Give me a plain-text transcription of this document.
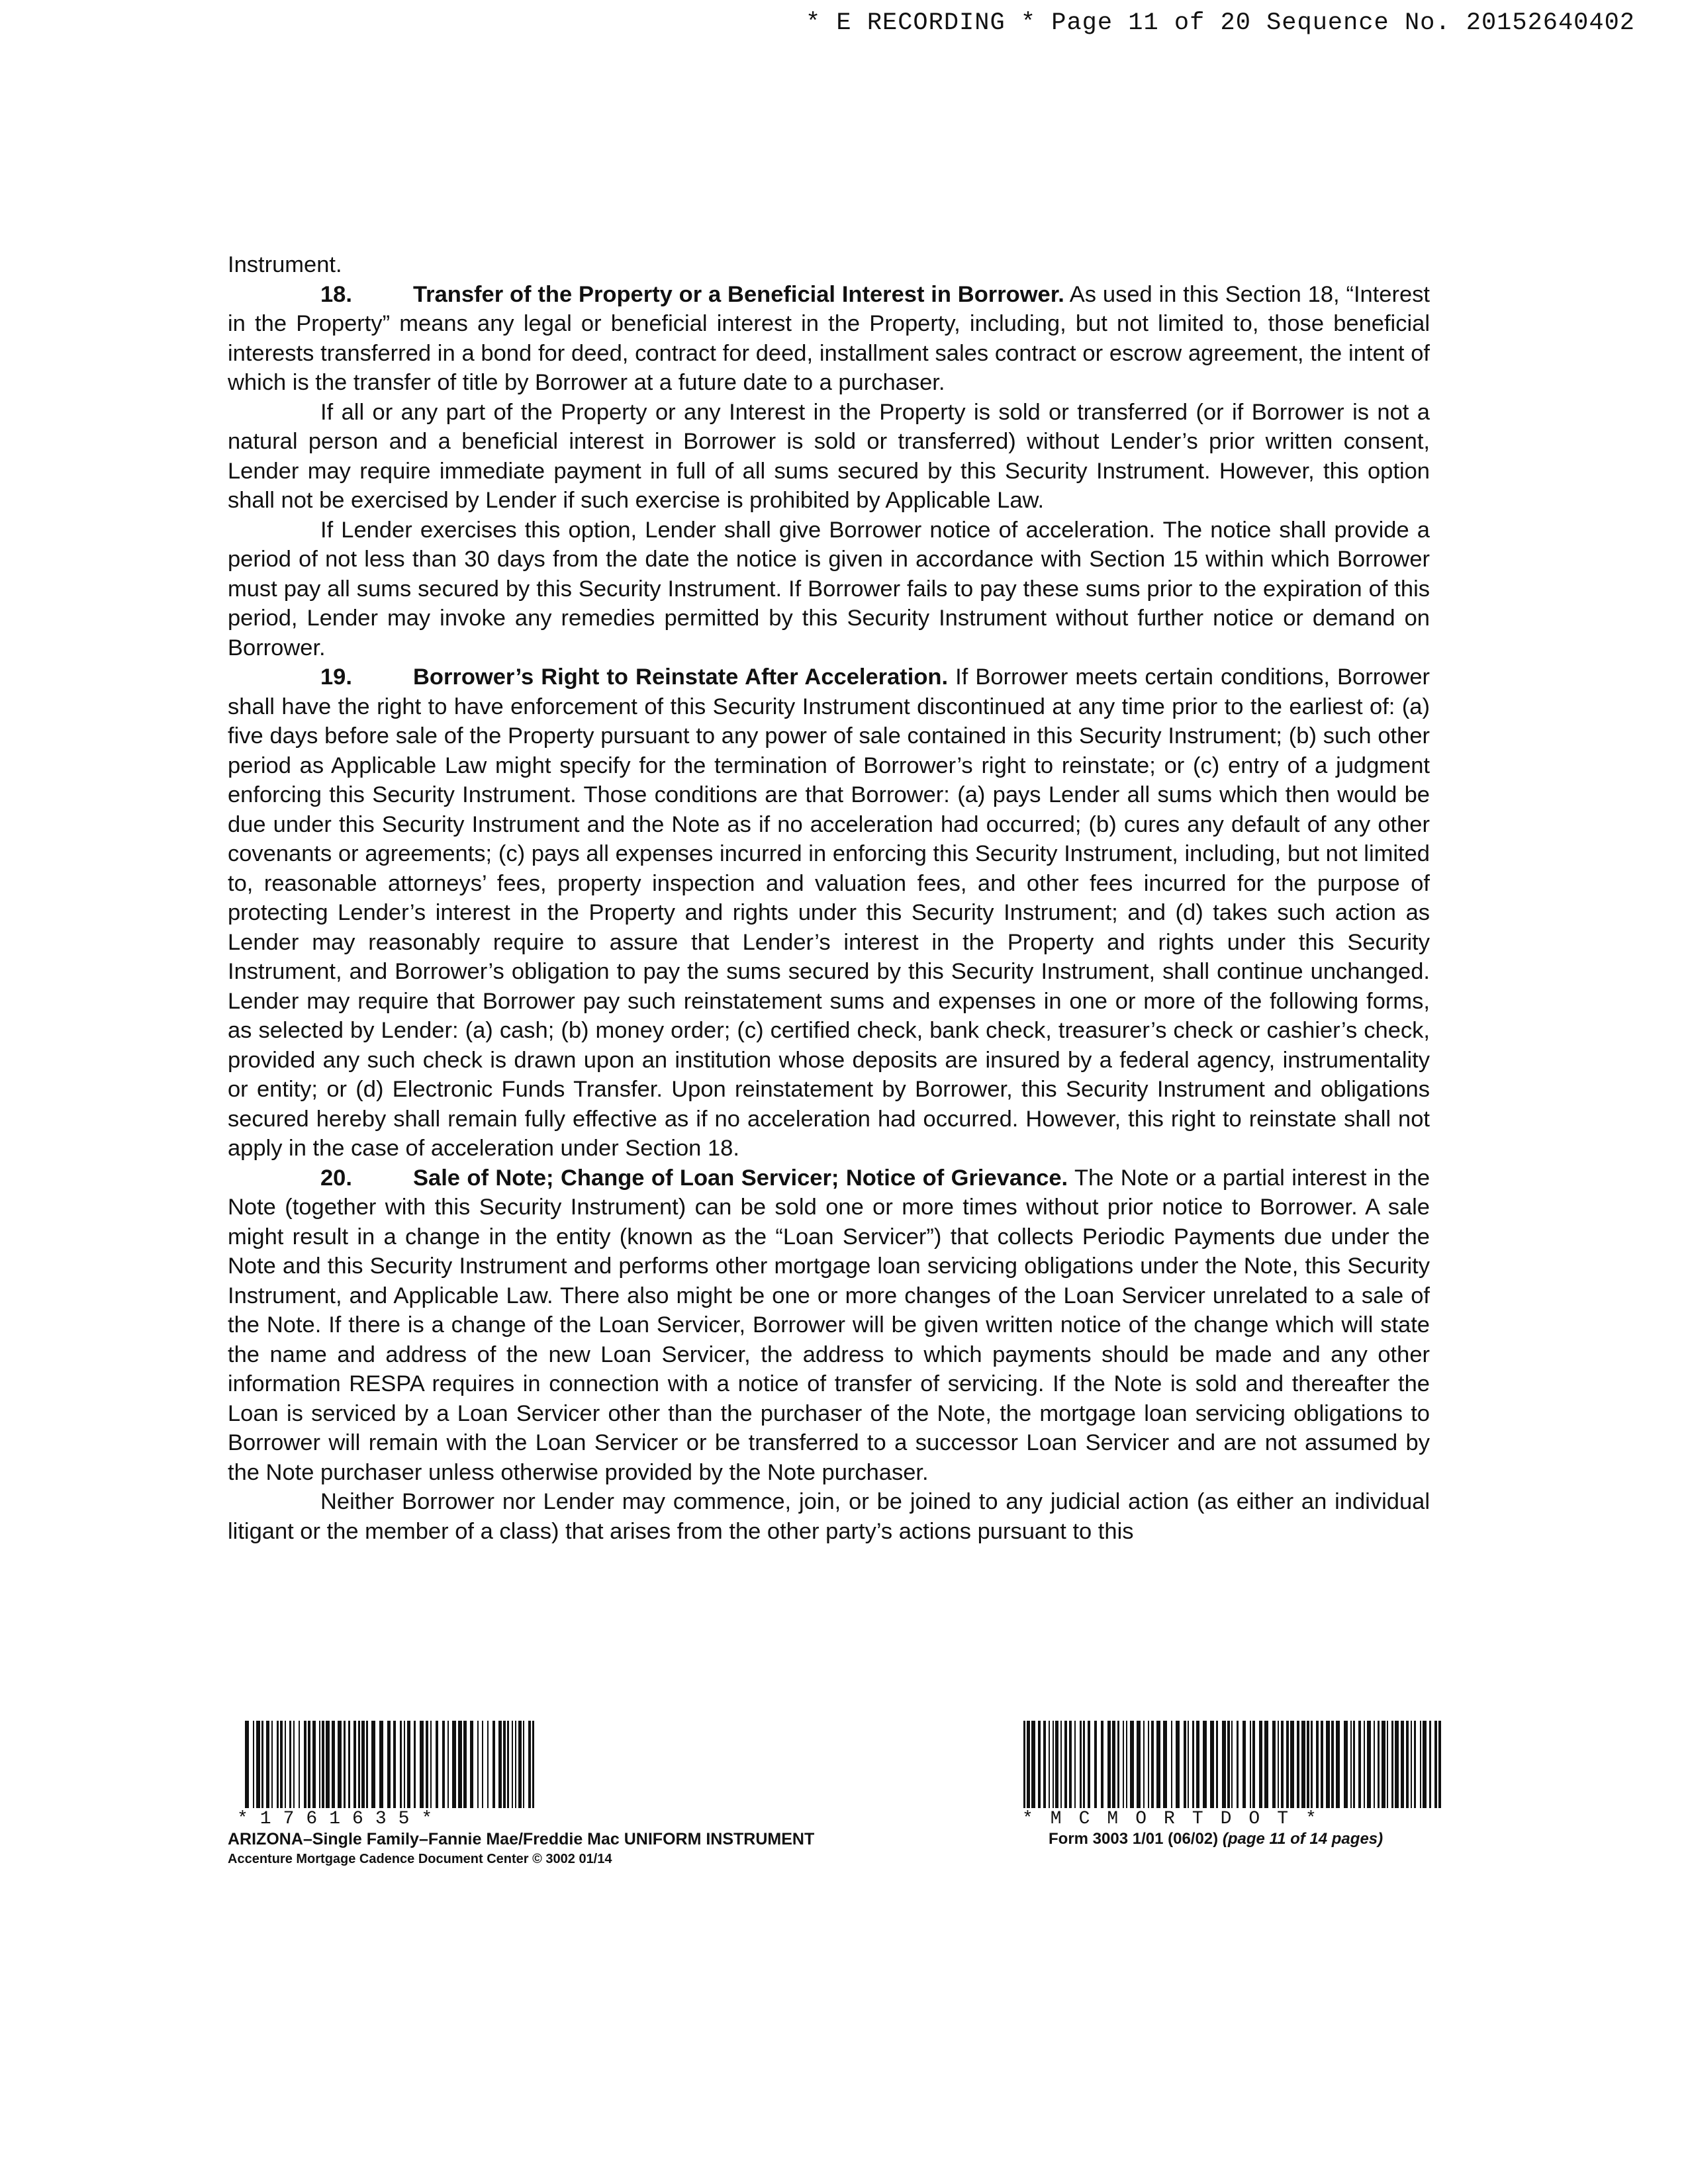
* E RECORDING * Page 11 of 20 Sequence No. 20152640402

Instrument.

18.	Transfer of the Property or a Beneficial Interest in Borrower. As used in this Section 18, “Interest in the Property” means any legal or beneficial interest in the Property, including, but not limited to, those beneficial interests transferred in a bond for deed, contract for deed, installment sales contract or escrow agreement, the intent of which is the transfer of title by Borrower at a future date to a purchaser.

If all or any part of the Property or any Interest in the Property is sold or transferred (or if Borrower is not a natural person and a beneficial interest in Borrower is sold or transferred) without Lender’s prior written consent, Lender may require immediate payment in full of all sums secured by this Security Instrument. However, this option shall not be exercised by Lender if such exercise is prohibited by Applicable Law.

If Lender exercises this option, Lender shall give Borrower notice of acceleration. The notice shall provide a period of not less than 30 days from the date the notice is given in accordance with Section 15 within which Borrower must pay all sums secured by this Security Instrument. If Borrower fails to pay these sums prior to the expiration of this period, Lender may invoke any remedies permitted by this Security Instrument without further notice or demand on Borrower.

19.	Borrower’s Right to Reinstate After Acceleration. If Borrower meets certain conditions, Borrower shall have the right to have enforcement of this Security Instrument discontinued at any time prior to the earliest of: (a) five days before sale of the Property pursuant to any power of sale contained in this Security Instrument; (b) such other period as Applicable Law might specify for the termination of Borrower’s right to reinstate; or (c) entry of a judgment enforcing this Security Instrument. Those conditions are that Borrower: (a) pays Lender all sums which then would be due under this Security Instrument and the Note as if no acceleration had occurred; (b) cures any default of any other covenants or agreements; (c) pays all expenses incurred in enforcing this Security Instrument, including, but not limited to, reasonable attorneys’ fees, property inspection and valuation fees, and other fees incurred for the purpose of protecting Lender’s interest in the Property and rights under this Security Instrument; and (d) takes such action as Lender may reasonably require to assure that Lender’s interest in the Property and rights under this Security Instrument, and Borrower’s obligation to pay the sums secured by this Security Instrument, shall continue unchanged. Lender may require that Borrower pay such reinstatement sums and expenses in one or more of the following forms, as selected by Lender: (a) cash; (b) money order; (c) certified check, bank check, treasurer’s check or cashier’s check, provided any such check is drawn upon an institution whose deposits are insured by a federal agency, instrumentality or entity; or (d) Electronic Funds Transfer. Upon reinstatement by Borrower, this Security Instrument and obligations secured hereby shall remain fully effective as if no acceleration had occurred. However, this right to reinstate shall not apply in the case of acceleration under Section 18.

20.	Sale of Note; Change of Loan Servicer; Notice of Grievance. The Note or a partial interest in the Note (together with this Security Instrument) can be sold one or more times without prior notice to Borrower. A sale might result in a change in the entity (known as the “Loan Servicer”) that collects Periodic Payments due under the Note and this Security Instrument and performs other mortgage loan servicing obligations under the Note, this Security Instrument, and Applicable Law. There also might be one or more changes of the Loan Servicer unrelated to a sale of the Note. If there is a change of the Loan Servicer, Borrower will be given written notice of the change which will state the name and address of the new Loan Servicer, the address to which payments should be made and any other information RESPA requires in connection with a notice of transfer of servicing. If the Note is sold and thereafter the Loan is serviced by a Loan Servicer other than the purchaser of the Note, the mortgage loan servicing obligations to Borrower will remain with the Loan Servicer or be transferred to a successor Loan Servicer and are not assumed by the Note purchaser unless otherwise provided by the Note purchaser.

Neither Borrower nor Lender may commence, join, or be joined to any judicial action (as either an individual litigant or the member of a class) that arises from the other party’s actions pursuant to this

*1761635*
ARIZONA–Single Family–Fannie Mae/Freddie Mac UNIFORM INSTRUMENT
Accenture Mortgage Cadence Document Center © 3002 01/14
*MCMORTDOT*
Form 3003 1/01 (06/02) (page 11 of 14 pages)
